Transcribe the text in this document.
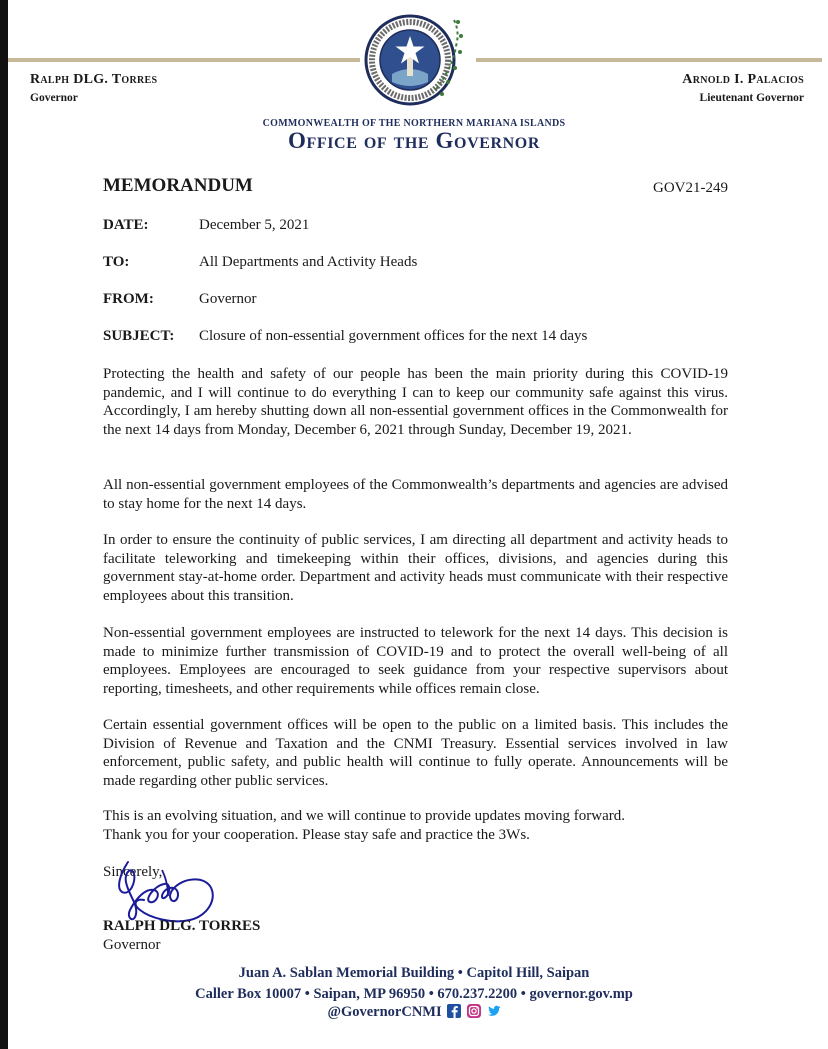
Ralph DLG. Torres
Governor
Arnold I. Palacios
Lieutenant Governor
COMMONWEALTH OF THE NORTHERN MARIANA ISLANDS
Office of the Governor
MEMORANDUM	GOV21-249
DATE:	December 5, 2021
TO:	All Departments and Activity Heads
FROM:	Governor
SUBJECT: Closure of non-essential government offices for the next 14 days
Protecting the health and safety of our people has been the main priority during this COVID-19 pandemic, and I will continue to do everything I can to keep our community safe against this virus. Accordingly, I am hereby shutting down all non-essential government offices in the Commonwealth for the next 14 days from Monday, December 6, 2021 through Sunday, December 19, 2021.
All non-essential government employees of the Commonwealth’s departments and agencies are advised to stay home for the next 14 days.
In order to ensure the continuity of public services, I am directing all department and activity heads to facilitate teleworking and timekeeping within their offices, divisions, and agencies during this government stay-at-home order. Department and activity heads must communicate with their respective employees about this transition.
Non-essential government employees are instructed to telework for the next 14 days. This decision is made to minimize further transmission of COVID-19 and to protect the overall well-being of all employees. Employees are encouraged to seek guidance from your respective supervisors about reporting, timesheets, and other requirements while offices remain close.
Certain essential government offices will be open to the public on a limited basis. This includes the Division of Revenue and Taxation and the CNMI Treasury. Essential services involved in law enforcement, public safety, and public health will continue to fully operate. Announcements will be made regarding other public services.
This is an evolving situation, and we will continue to provide updates moving forward.
Thank you for your cooperation. Please stay safe and practice the 3Ws.
Sincerely,
RALPH DLG. TORRES
Governor
Juan A. Sablan Memorial Building • Capitol Hill, Saipan
Caller Box 10007 • Saipan, MP 96950 • 670.237.2200 • governor.gov.mp
@GovernorCNMI
